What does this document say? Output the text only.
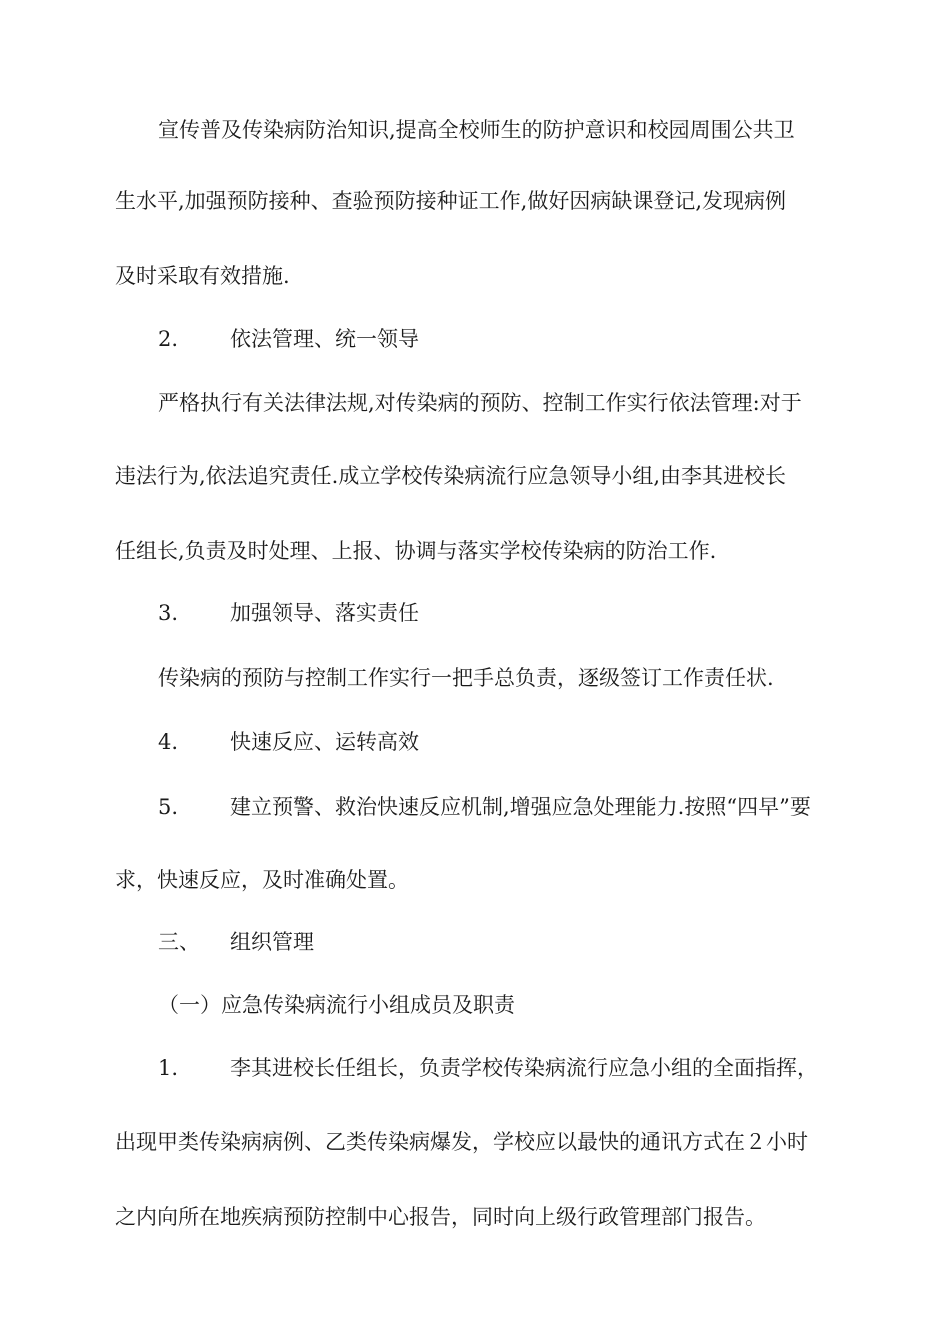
宣传普及传染病防治知识,提高全校师生的防护意识和校园周围公共卫
生水平,加强预防接种、查验预防接种证工作,做好因病缺课登记,发现病例
及时采取有效措施.
2. 依法管理、统一领导
严格执行有关法律法规,对传染病的预防、控制工作实行依法管理:对于
违法行为,依法追究责任.成立学校传染病流行应急领导小组,由李其进校长
任组长,负责及时处理、上报、协调与落实学校传染病的防治工作.
3. 加强领导、落实责任
传染病的预防与控制工作实行一把手总负责，逐级签订工作责任状.
4. 快速反应、运转高效
5. 建立预警、救治快速反应机制,增强应急处理能力.按照“四早”要
求，快速反应，及时准确处置。
三、 组织管理
（一）应急传染病流行小组成员及职责
1. 李其进校长任组长，负责学校传染病流行应急小组的全面指挥，
出现甲类传染病病例、乙类传染病爆发，学校应以最快的通讯方式在２小时
之内向所在地疾病预防控制中心报告，同时向上级行政管理部门报告。
